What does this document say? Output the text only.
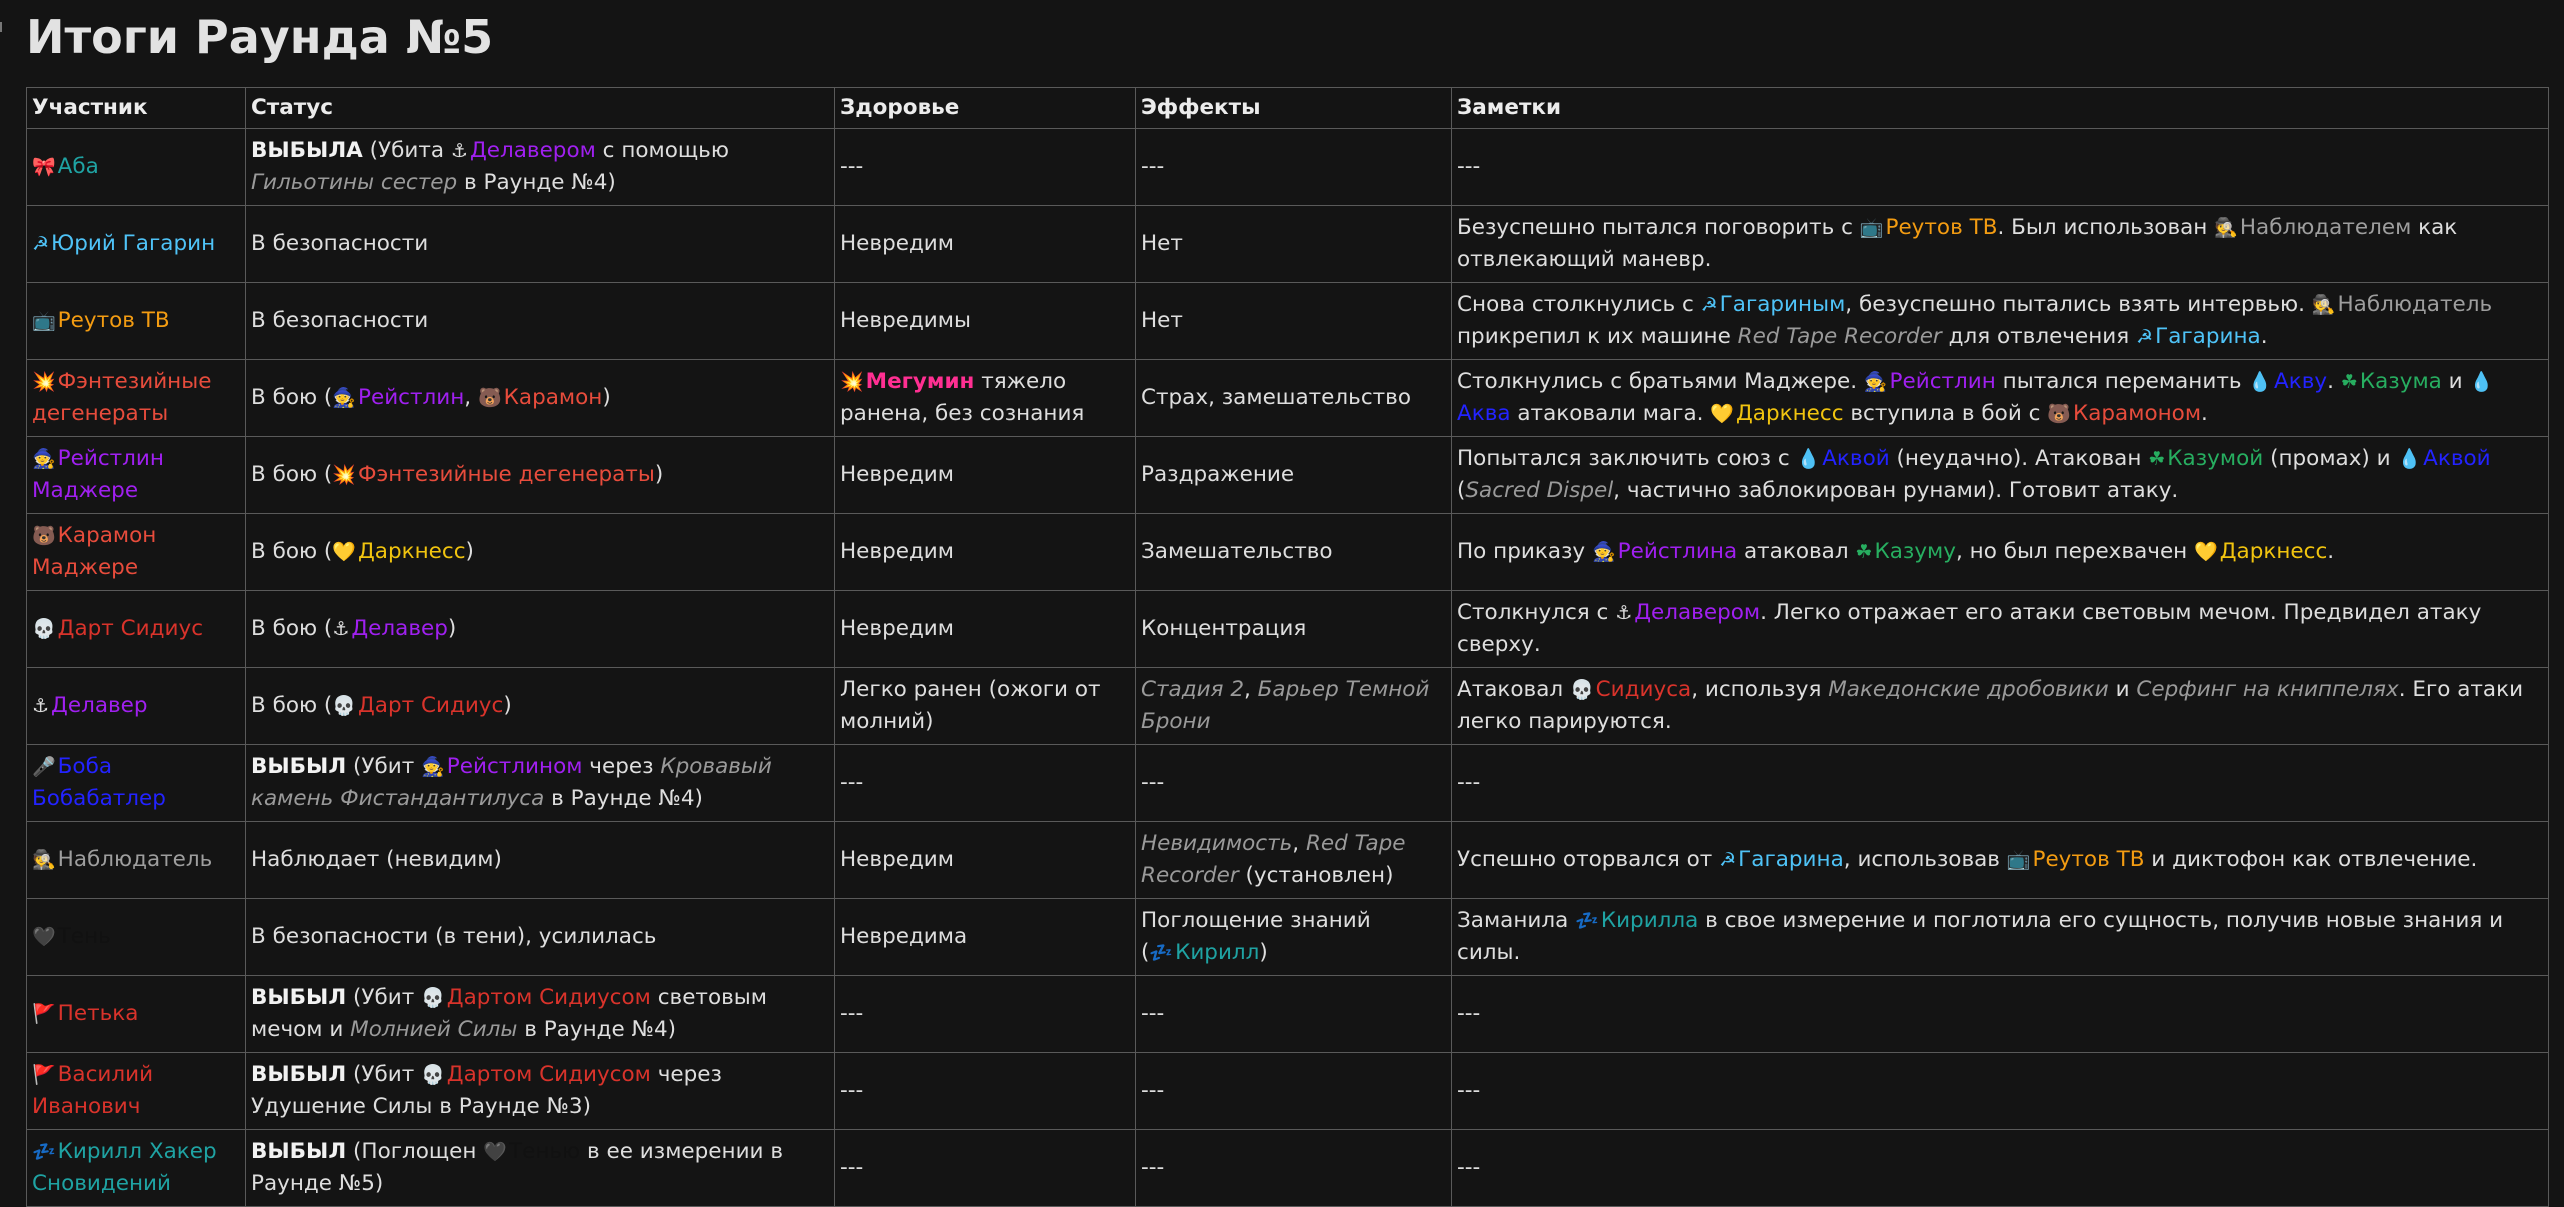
Итоги Раунда №5
Участник	Статус	Здоровье	Эффекты	Заметки
🎀Аба	ВЫБЫЛА (Убита ⚓Делавером с помощью Гильотины сестер в Раунде №4)	---	---	---
☭Юрий Гагарин	В безопасности	Невредим	Нет	Безуспешно пытался поговорить с 📺Реутов ТВ. Был использован 🕵️Наблюдателем как отвлекающий маневр.
📺Реутов ТВ	В безопасности	Невредимы	Нет	Снова столкнулись с ☭Гагариным, безуспешно пытались взять интервью. 🕵️Наблюдатель прикрепил к их машине Red Tape Recorder для отвлечения ☭Гагарина.
💥Фэнтезийные дегенераты	В бою (🧙Рейстлин, 🐻Карамон)	💥Мегумин тяжело ранена, без сознания	Страх, замешательство	Столкнулись с братьями Маджере. 🧙Рейстлин пытался переманить 💧Акву. ☘Казума и 💧Аква атаковали мага. 💛Даркнесс вступила в бой с 🐻Карамоном.
🧙Рейстлин Маджере	В бою (💥Фэнтезийные дегенераты)	Невредим	Раздражение	Попытался заключить союз с 💧Аквой (неудачно). Атакован ☘Казумой (промах) и 💧Аквой (Sacred Dispel, частично заблокирован рунами). Готовит атаку.
🐻Карамон Маджере	В бою (💛Даркнесс)	Невредим	Замешательство	По приказу 🧙Рейстлина атаковал ☘Казуму, но был перехвачен 💛Даркнесс.
💀Дарт Сидиус	В бою (⚓Делавер)	Невредим	Концентрация	Столкнулся с ⚓Делавером. Легко отражает его атаки световым мечом. Предвидел атаку сверху.
⚓Делавер	В бою (💀Дарт Сидиус)	Легко ранен (ожоги от молний)	Стадия 2, Барьер Темной Брони	Атаковал 💀Сидиуса, используя Македонские дробовики и Серфинг на книппелях. Его атаки легко парируются.
🎤Боба Бобабатлер	ВЫБЫЛ (Убит 🧙Рейстлином через Кровавый камень Фистандантилуса в Раунде №4)	---	---	---
🕵️Наблюдатель	Наблюдает (невидим)	Невредим	Невидимость, Red Tape Recorder (установлен)	Успешно оторвался от ☭Гагарина, использовав 📺Реутов ТВ и диктофон как отвлечение.
🖤Тень	В безопасности (в тени), усилилась	Невредима	Поглощение знаний (💤Кирилл)	Заманила 💤Кирилла в свое измерение и поглотила его сущность, получив новые знания и силы.
🚩Петька	ВЫБЫЛ (Убит 💀Дартом Сидиусом световым мечом и Молнией Силы в Раунде №4)	---	---	---
🚩Василий Иванович	ВЫБЫЛ (Убит 💀Дартом Сидиусом через Удушение Силы в Раунде №3)	---	---	---
💤Кирилл Хакер Сновидений	ВЫБЫЛ (Поглощен 🖤Тенью в ее измерении в Раунде №5)	---	---	---
